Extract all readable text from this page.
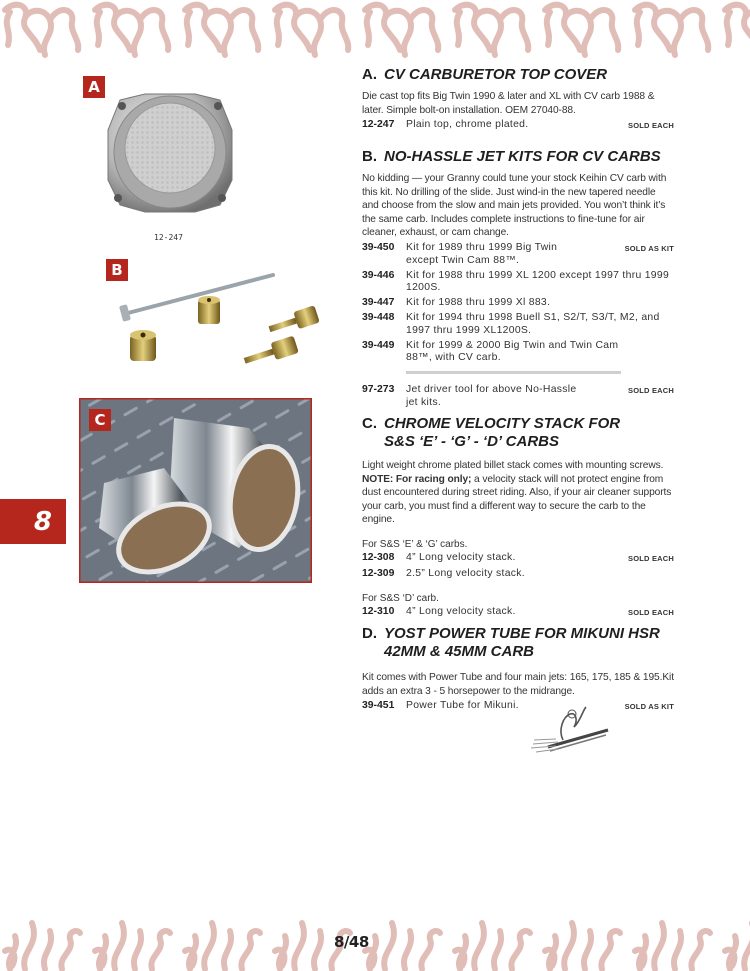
8/48
8
A
12-247
B
C
A. CV CARBURETOR TOP COVER
Die cast top fits Big Twin 1990 & later and XL with CV carb 1988 & later. Simple bolt-on installation. OEM 27040-88.
12-247	Plain top, chrome plated.	SOLD EACH
B. NO-HASSLE JET KITS FOR CV CARBS
No kidding — your Granny could tune your stock Keihin CV carb with this kit. No drilling of the slide. Just wind-in the new tapered needle and choose from the slow and main jets provided. You won’t think it’s the same carb. Includes complete instructions to fine-tune for air cleaner, exhaust, or cam change.
39-450	Kit for 1989 thru 1999 Big Twin except Twin Cam 88™.
SOLD AS KIT
39-446	Kit for 1988 thru 1999 XL 1200 except 1997 thru 1999 1200S.
39-447	Kit for 1988 thru 1999 Xl 883.
39-448	Kit for 1994 thru 1998 Buell S1, S2/T, S3/T, M2, and 1997 thru 1999 XL1200S.
39-449	Kit for 1999 & 2000 Big Twin and Twin Cam 88™, with CV carb.
97-273	Jet driver tool for above No-Hassle jet kits.
SOLD EACH
C. CHROME VELOCITY STACK FOR S&S ‘E’ - ‘G’ - ‘D’ CARBS
Light weight chrome plated billet stack comes with mounting screws. NOTE: For racing only; a velocity stack will not protect engine from dust encountered during street riding. Also, if your air cleaner supports your carb, you must find a different way to secure the carb to the engine.
For S&S ‘E’ & ‘G’ carbs.
12-308	4” Long velocity stack.	SOLD EACH
12-309	2.5” Long velocity stack.
For S&S ‘D’ carb.
12-310	4” Long velocity stack.	SOLD EACH
D. YOST POWER TUBE FOR MIKUNI HSR 42MM & 45MM CARB
Kit comes with Power Tube and four main jets: 165, 175, 185 & 195.Kit adds an extra 3 - 5 horsepower to the midrange.
39-451	Power Tube for Mikuni.	SOLD AS KIT
